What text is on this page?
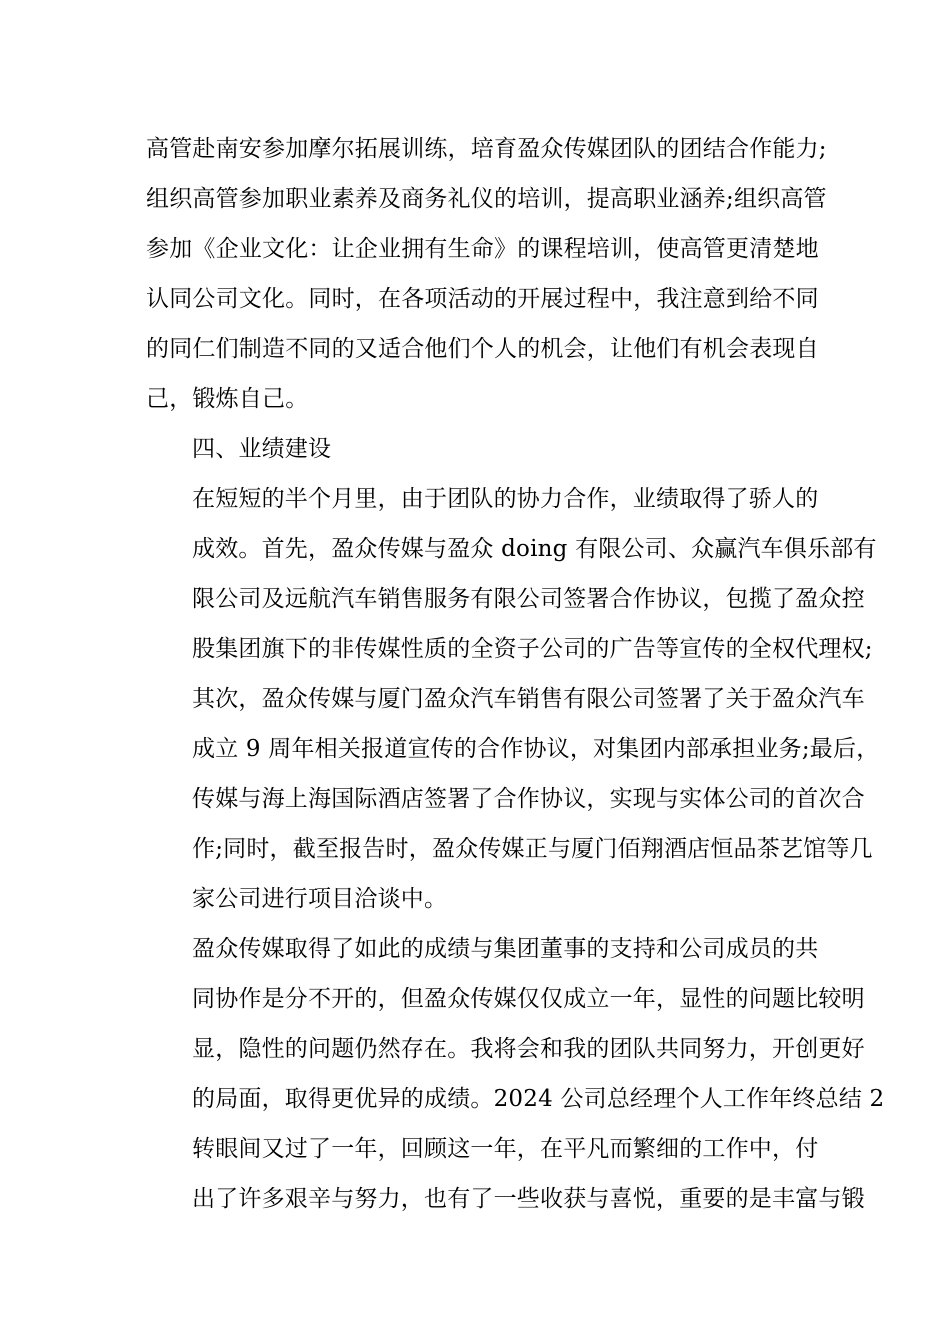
高管赴南安参加摩尔拓展训练，培育盈众传媒团队的团结合作能力;
组织高管参加职业素养及商务礼仪的培训，提高职业涵养;组织高管
参加《企业文化：让企业拥有生命》的课程培训，使高管更清楚地
认同公司文化。同时，在各项活动的开展过程中，我注意到给不同
的同仁们制造不同的又适合他们个人的机会，让他们有机会表现自
己，锻炼自己。

四、业绩建设

在短短的半个月里，由于团队的协力合作，业绩取得了骄人的
成效。首先，盈众传媒与盈众 doing 有限公司、众赢汽车俱乐部有
限公司及远航汽车销售服务有限公司签署合作协议，包揽了盈众控
股集团旗下的非传媒性质的全资子公司的广告等宣传的全权代理权;
其次，盈众传媒与厦门盈众汽车销售有限公司签署了关于盈众汽车
成立 9 周年相关报道宣传的合作协议，对集团内部承担业务;最后，
传媒与海上海国际酒店签署了合作协议，实现与实体公司的首次合
作;同时，截至报告时，盈众传媒正与厦门佰翔酒店恒品茶艺馆等几
家公司进行项目洽谈中。

盈众传媒取得了如此的成绩与集团董事的支持和公司成员的共
同协作是分不开的，但盈众传媒仅仅成立一年，显性的问题比较明
显，隐性的问题仍然存在。我将会和我的团队共同努力，开创更好
的局面，取得更优异的成绩。2024 公司总经理个人工作年终总结 2

转眼间又过了一年，回顾这一年，在平凡而繁细的工作中，付
出了许多艰辛与努力，也有了一些收获与喜悦，重要的是丰富与锻
